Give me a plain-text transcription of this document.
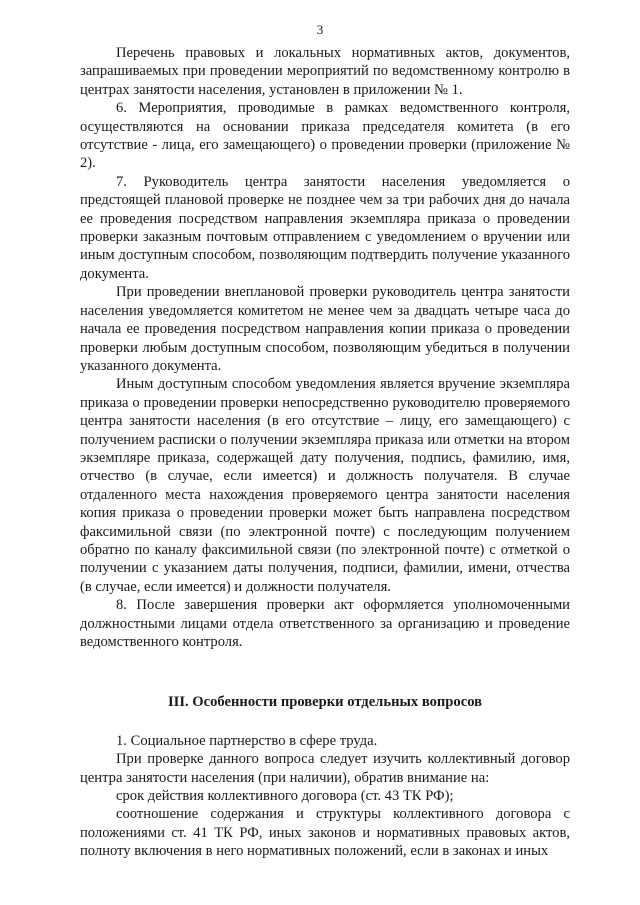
3

Перечень правовых и локальных нормативных актов, документов, запрашиваемых при проведении мероприятий по ведомственному контролю в центрах занятости населения, установлен в приложении № 1.

6. Мероприятия, проводимые в рамках ведомственного контроля, осуществляются на основании приказа председателя комитета (в его отсутствие - лица, его замещающего) о проведении проверки (приложение № 2).

7. Руководитель центра занятости населения уведомляется о предстоящей плановой проверке не позднее чем за три рабочих дня до начала ее проведения посредством направления экземпляра приказа о проведении проверки заказным почтовым отправлением с уведомлением о вручении или иным доступным способом, позволяющим подтвердить получение указанного документа.

При проведении внеплановой проверки руководитель центра занятости населения уведомляется комитетом не менее чем за двадцать четыре часа до начала ее проведения посредством направления копии приказа о проведении проверки любым доступным способом, позволяющим убедиться в получении указанного документа.

Иным доступным способом уведомления является вручение экземпляра приказа о проведении проверки непосредственно руководителю проверяемого центра занятости населения (в его отсутствие – лицу, его замещающего) с получением расписки о получении экземпляра приказа или отметки на втором экземпляре приказа, содержащей дату получения, подпись, фамилию, имя, отчество (в случае, если имеется) и должность получателя. В случае отдаленного места нахождения проверяемого центра занятости населения копия приказа о проведении проверки может быть направлена посредством факсимильной связи (по электронной почте) с последующим получением обратно по каналу факсимильной связи (по электронной почте) с отметкой о получении с указанием даты получения, подписи, фамилии, имени, отчества (в случае, если имеется) и должности получателя.

8. После завершения проверки акт оформляется уполномоченными должностными лицами отдела ответственного за организацию и проведение ведомственного контроля.

III. Особенности проверки отдельных вопросов

1. Социальное партнерство в сфере труда.

При проверке данного вопроса следует изучить коллективный договор центра занятости населения (при наличии), обратив внимание на:

срок действия коллективного договора (ст. 43 ТК РФ);

соотношение содержания и структуры коллективного договора с положениями ст. 41 ТК РФ, иных законов и нормативных правовых актов, полноту включения в него нормативных положений, если в законах и иных
